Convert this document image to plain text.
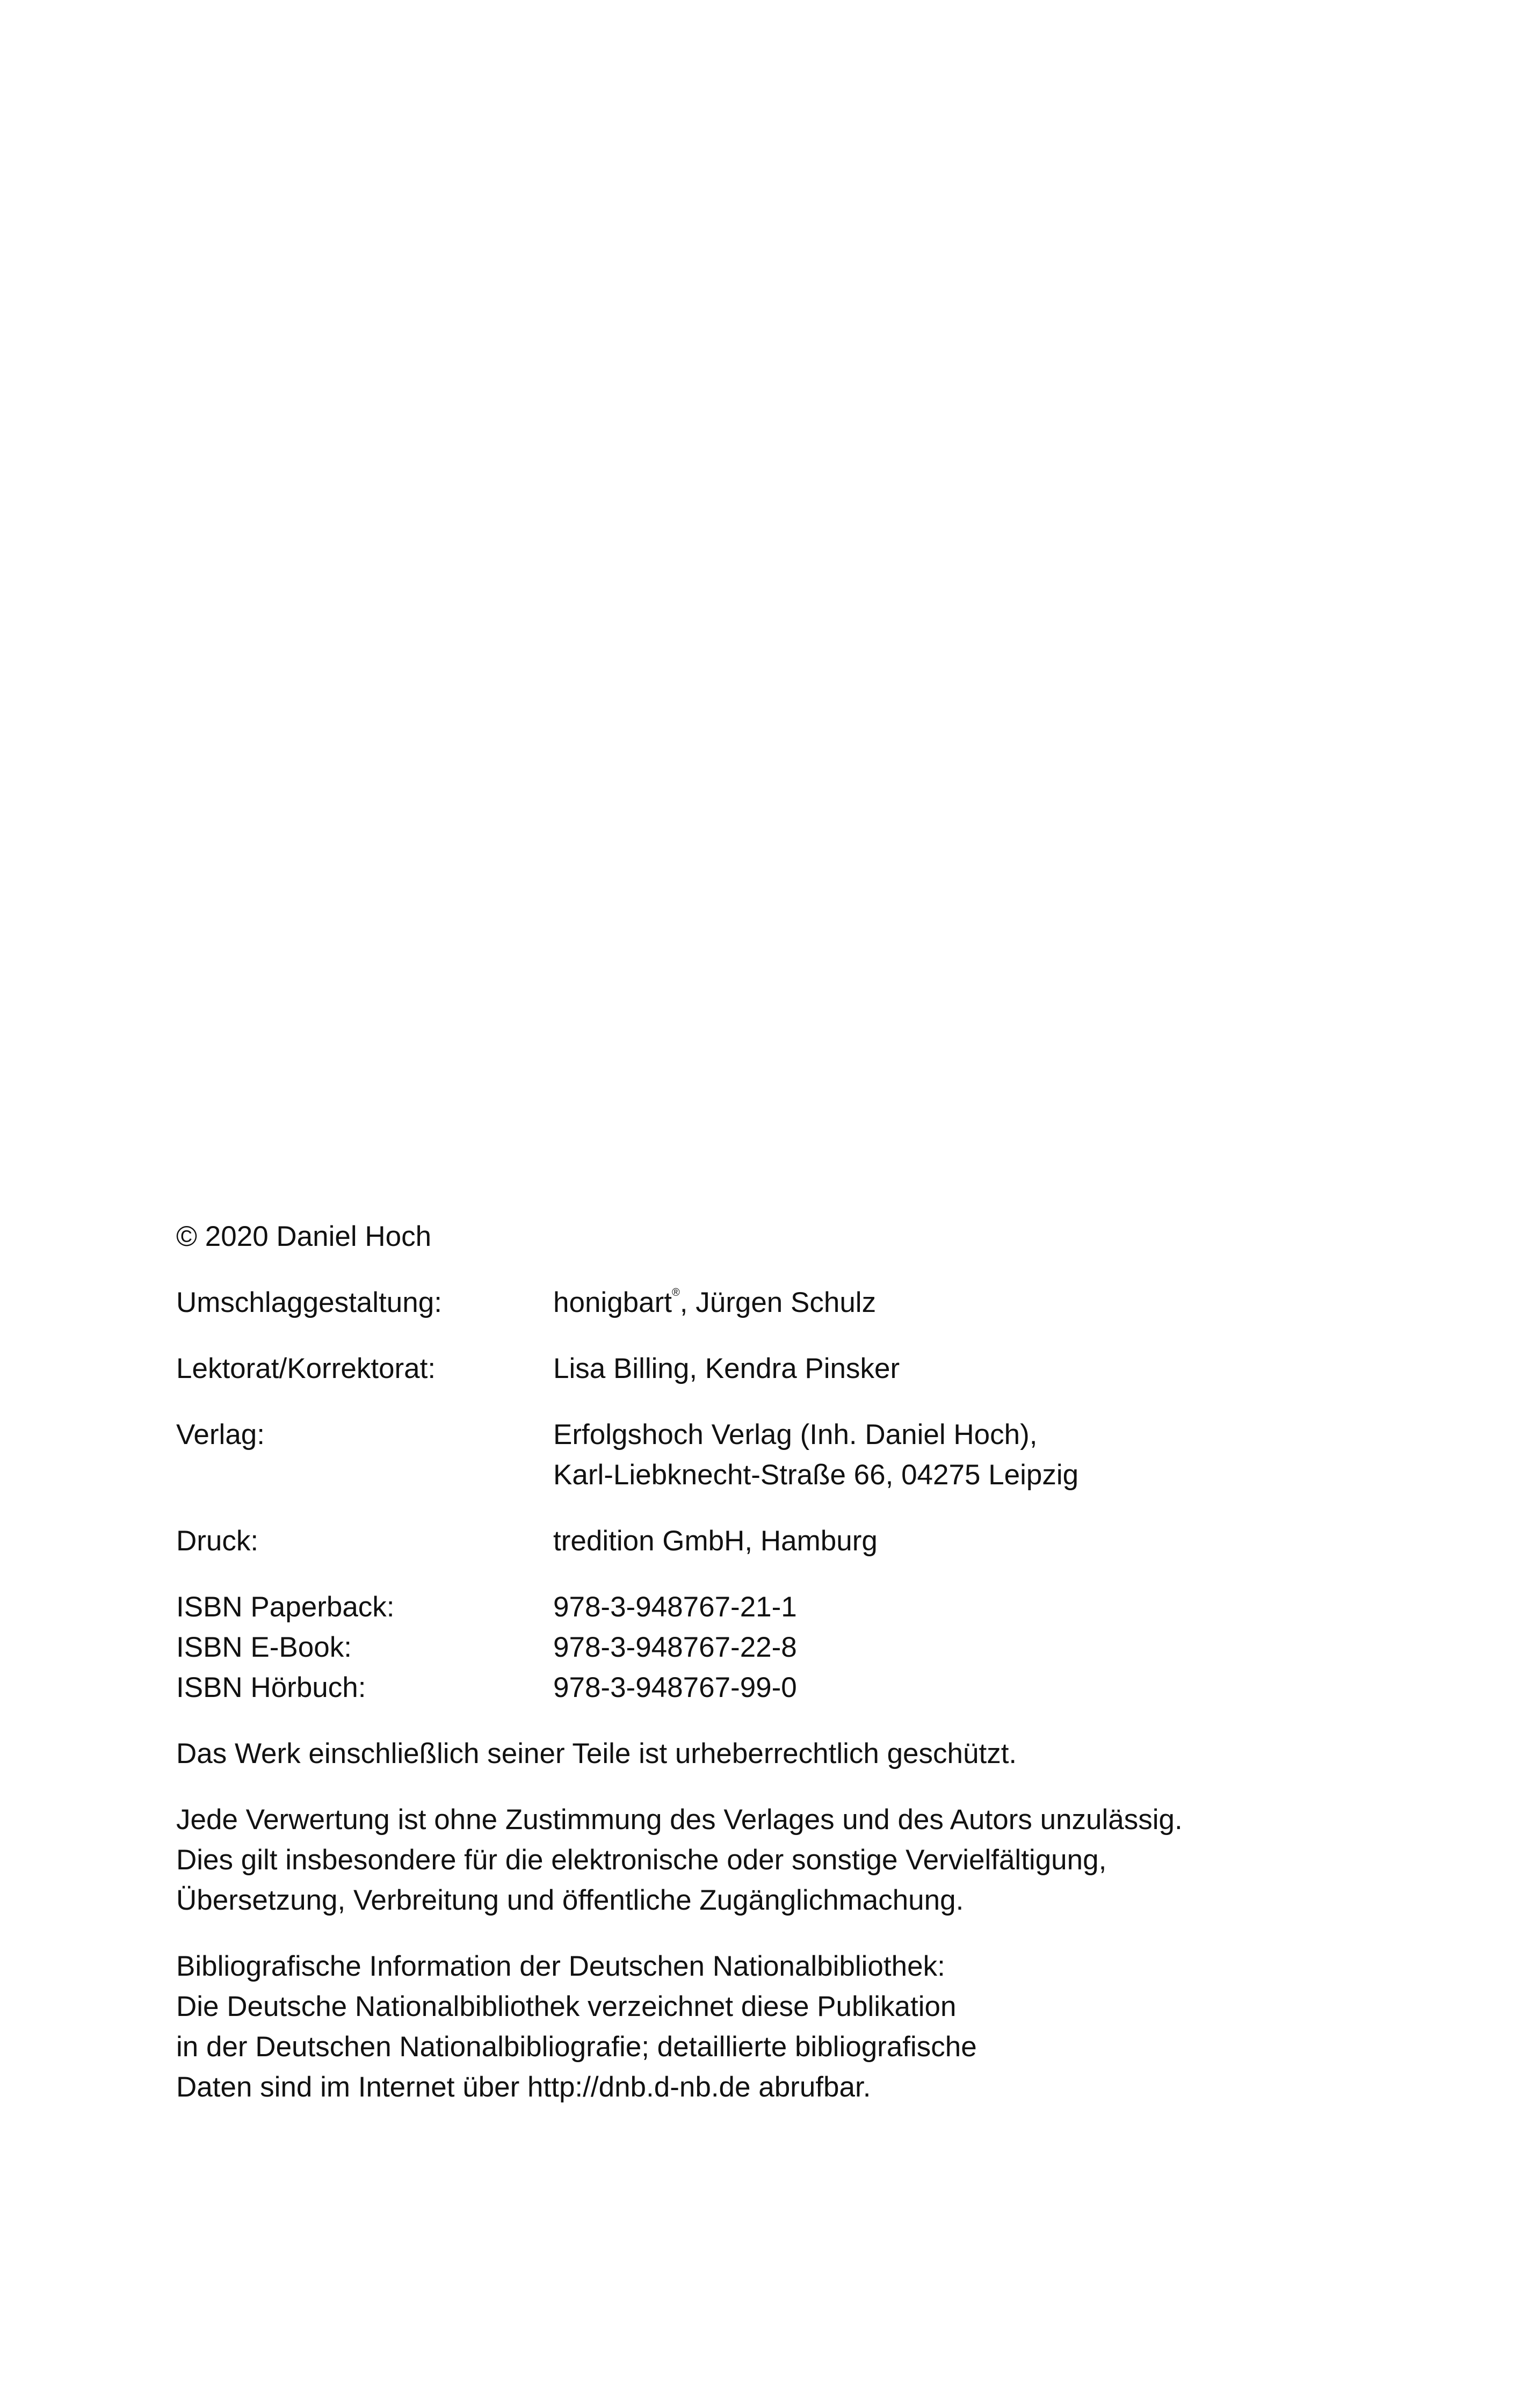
© 2020 Daniel Hoch
Umschlaggestaltung:	honigbart®, Jürgen Schulz
Lektorat/Korrektorat:	Lisa Billing, Kendra Pinsker
Verlag:	Erfolgshoch Verlag (Inh. Daniel Hoch),
Karl-Liebknecht-Straße 66, 04275 Leipzig
Druck:	tredition GmbH, Hamburg
ISBN Paperback:	978-3-948767-21-1
ISBN E-Book:	978-3-948767-22-8
ISBN Hörbuch:	978-3-948767-99-0
Das Werk einschließlich seiner Teile ist urheberrechtlich geschützt.
Jede Verwertung ist ohne Zustimmung des Verlages und des Autors unzulässig.
Dies gilt insbesondere für die elektronische oder sonstige Vervielfältigung,
Übersetzung, Verbreitung und öffentliche Zugänglichmachung.
Bibliografische Information der Deutschen Nationalbibliothek:
Die Deutsche Nationalbibliothek verzeichnet diese Publikation
in der Deutschen Nationalbibliografie; detaillierte bibliografische
Daten sind im Internet über http://dnb.d-nb.de abrufbar.
